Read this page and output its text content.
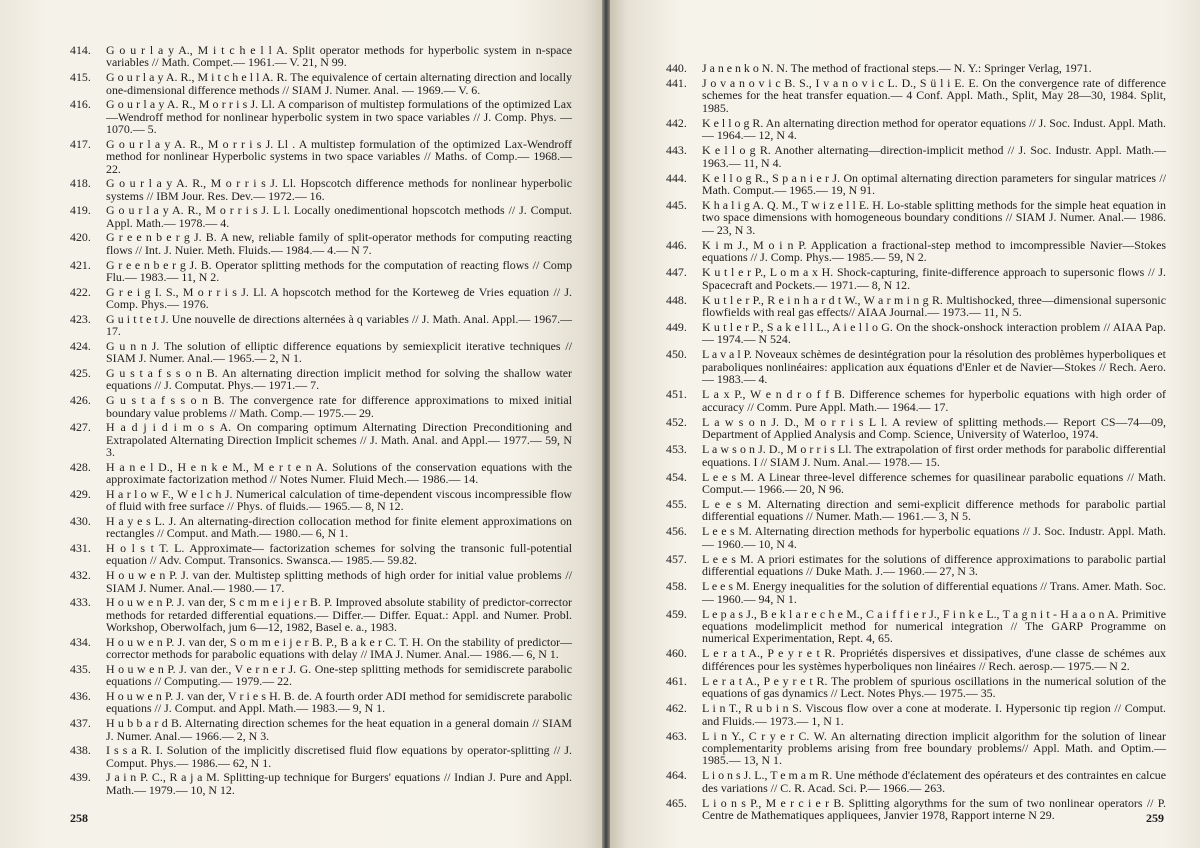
414.	G o u r l a y A., M i t c h e l l A. Split operator methods for hyperbolic system in n-space variables // Math. Compet.— 1961.— V. 21, N 99.
415.	G o u r l a y A. R., M i t c h e l l A. R. The equivalence of certain alternating direction and locally one-dimensional difference methods // SIAM J. Numer. Anal. — 1969.— V. 6.
416.	G o u r l a y A. R., M o r r i s J. Ll. A comparison of multistep formulations of the optimized Lax—Wendroff method for nonlinear hyperbolic system in two space variables // J. Comp. Phys. — 1070.— 5.
417.	G o u r l a y A. R., M o r r i s J. Ll . A multistep formulation of the optimized Lax-Wendroff method for nonlinear Hyperbolic systems in two space variables // Maths. of Comp.— 1968.— 22.
418.	G o u r l a y A. R., M o r r i s J. Ll. Hopscotch difference methods for nonlinear hyperbolic systems // IBM Jour. Res. Dev.— 1972.— 16.
419.	G o u r l a y A. R., M o r r i s J. L l. Locally onedimentional hopscotch methods // J. Comput. Appl. Math.— 1978.— 4.
420.	G r e e n b e r g J. B. A new, reliable family of split-operator methods for computing reacting flows // Int. J. Nuier. Meth. Fluids.— 1984.— 4.— N 7.
421.	G r e e n b e r g J. B. Operator splitting methods for the computation of reacting flows // Comp Flu.— 1983.— 11, N 2.
422.	G r e i g I. S., M o r r i s J. Ll. A hopscotch method for the Korteweg de Vries equation // J. Comp. Phys.— 1976.
423.	G u i t t e t J. Une nouvelle de directions alternées à q variables // J. Math. Anal. Appl.— 1967.— 17.
424.	G u n n J. The solution of elliptic difference equations by semiexplicit iterative techniques // SIAM J. Numer. Anal.— 1965.— 2, N 1.
425.	G u s t a f s s o n B. An alternating direction implicit method for solving the shallow water equations // J. Computat. Phys.— 1971.— 7.
426.	G u s t a f s s o n B. The convergence rate for difference approximations to mixed initial boundary value problems // Math. Comp.— 1975.— 29.
427.	H a d j i d i m o s A. On comparing optimum Alternating Direction Preconditioning and Extrapolated Alternating Direction Implicit schemes // J. Math. Anal. and Appl.— 1977.— 59, N 3.
428.	H a n e l D., H e n k e M., M e r t e n A. Solutions of the conservation equations with the approximate factorization method // Notes Numer. Fluid Mech.— 1986.— 14.
429.	H a r l o w F., W e l c h J. Numerical calculation of time-dependent viscous incompressible flow of fluid with free surface // Phys. of fluids.— 1965.— 8, N 12.
430.	H a y e s L. J. An alternating-direction collocation method for finite element approximations on rectangles // Comput. and Math.— 1980.— 6, N 1.
431.	H o l s t T. L. Approximate— factorization schemes for solving the transonic full-potential equation // Adv. Comput. Transonics. Swansca.— 1985.— 59.82.
432.	H o u w e n P. J. van der. Multistep splitting methods of high order for initial value problems // SIAM J. Numer. Anal.— 1980.— 17.
433.	H o u w e n P. J. van der, S c m m e i j e r B. P. Improved absolute stability of predictor-corrector methods for retarded differential equations.— Differ.— Differ. Equat.: Appl. and Numer. Probl. Workshop, Oberwolfach, jum 6—12, 1982, Basel e. a., 1983.
434.	H o u w e n P. J. van der, S o m m e i j e r B. P., B a k e r C. T. H. On the stability of predictor—corrector methods for parabolic equations with delay // IMA J. Numer. Anal.— 1986.— 6, N 1.
435.	H o u w e n P. J. van der., V e r n e r J. G. One-step splitting methods for semidiscrete parabolic equations // Computing.— 1979.— 22.
436.	H o u w e n P. J. van der, V r i e s H. B. de. A fourth order ADI method for semidiscrete parabolic equations // J. Comput. and Appl. Math.— 1983.— 9, N 1.
437.	H u b b a r d B. Alternating direction schemes for the heat equation in a general domain // SIAM J. Numer. Anal.— 1966.— 2, N 3.
438.	I s s a R. I. Solution of the implicitly discretised fluid flow equations by operator-splitting // J. Comput. Phys.— 1986.— 62, N 1.
439.	J a i n P. C., R a j a M. Splitting-up technique for Burgers' equations // Indian J. Pure and Appl. Math.— 1979.— 10, N 12.
258
440.	J a n e n k o N. N. The method of fractional steps.— N. Y.: Springer Verlag, 1971.
441.	J o v a n o v i c B. S., I v a n o v i c L. D., S ü l i E. E. On the convergence rate of difference schemes for the heat transfer equation.— 4 Conf. Appl. Math., Split, May 28—30, 1984. Split, 1985.
442.	K e l l o g R. An alternating direction method for operator equations // J. Soc. Indust. Appl. Math.— 1964.— 12, N 4.
443.	K e l l o g R. Another alternating—direction-implicit method // J. Soc. Industr. Appl. Math.— 1963.— 11, N 4.
444.	K e l l o g R., S p a n i e r J. On optimal alternating direction parameters for singular matrices // Math. Comput.— 1965.— 19, N 91.
445.	K h a l i g A. Q. M., T w i z e l l E. H. Lo-stable splitting methods for the simple heat equation in two space dimensions with homogeneous boundary conditions // SIAM J. Numer. Anal.— 1986.— 23, N 3.
446.	K i m J., M o i n P. Application a fractional-step method to imcompressible Navier—Stokes equations // J. Comp. Phys.— 1985.— 59, N 2.
447.	K u t l e r P., L o m a x H. Shock-capturing, finite-difference approach to supersonic flows // J. Spacecraft and Pockets.— 1971.— 8, N 12.
448.	K u t l e r P., R e i n h a r d t W., W a r m i n g R. Multishocked, three—dimensional supersonic flowfields with real gas effects// AIAA Journal.— 1973.— 11, N 5.
449.	K u t l e r P., S a k e l l L., A i e l l o G. On the shock-onshock interaction problem // AIAA Pap.— 1974.— N 524.
450.	L a v a l P. Noveaux schèmes de desintégration pour la résolution des problèmes hyperboliques et paraboliques nonlinéaires: application aux équations d'Enler et de Navier—Stokes // Rech. Aero.— 1983.— 4.
451.	L a x P., W e n d r o f f B. Difference schemes for hyperbolic equations with high order of accuracy // Comm. Pure Appl. Math.— 1964.— 17.
452.	L a w s o n J. D., M o r r i s L l. A review of splitting methods.— Report CS—74—09, Department of Applied Analysis and Comp. Science, University of Waterloo, 1974.
453.	L a w s o n J. D., M o r r i s Ll. The extrapolation of first order methods for parabolic differential equations. I // SIAM J. Num. Anal.— 1978.— 15.
454.	L e e s M. A Linear three-level difference schemes for quasilinear parabolic equations // Math. Comput.— 1966.— 20, N 96.
455.	L e e s M. Alternating direction and semi-explicit difference methods for parabolic partial differential equations // Numer. Math.— 1961.— 3, N 5.
456.	L e e s M. Alternating direction methods for hyperbolic equations // J. Soc. Industr. Appl. Math.— 1960.— 10, N 4.
457.	L e e s M. A priori estimates for the solutions of difference approximations to parabolic partial differential equations // Duke Math. J.— 1960.— 27, N 3.
458.	L e e s M. Energy inequalities for the solution of differential equations // Trans. Amer. Math. Soc.— 1960.— 94, N 1.
459.	L e p a s J., B e k l a r e c h e M., C a i f f i e r J., F i n k e L., T a g n i t - H a a o n A. Primitive equations modelimplicit method for numerical integration // The GARP Programme on numerical Experimentation, Rept. 4, 65.
460.	L e r a t A., P e y r e t R. Propriétés dispersives et dissipatives, d'une classe de schémes aux différences pour les systèmes hyperboliques non linéaires // Rech. aerosp.— 1975.— N 2.
461.	L e r a t A., P e y r e t R. The problem of spurious oscillations in the numerical solution of the equations of gas dynamics // Lect. Notes Phys.— 1975.— 35.
462.	L i n T., R u b i n S. Viscous flow over a cone at moderate. I. Hypersonic tip region // Comput. and Fluids.— 1973.— 1, N 1.
463.	L i n Y., C r y e r C. W. An alternating direction implicit algorithm for the solution of linear complementarity problems arising from free boundary problems// Appl. Math. and Optim.— 1985.— 13, N 1.
464.	L i o n s J. L., T e m a m R. Une méthode d'éclatement des opérateurs et des contraintes en calcue des variations // C. R. Acad. Sci. P.— 1966.— 263.
465.	L i o n s P., M e r c i e r B. Splitting algorythms for the sum of two nonlinear operators // P. Centre de Mathematiques appliquees, Janvier 1978, Rapport interne N 29.	259
